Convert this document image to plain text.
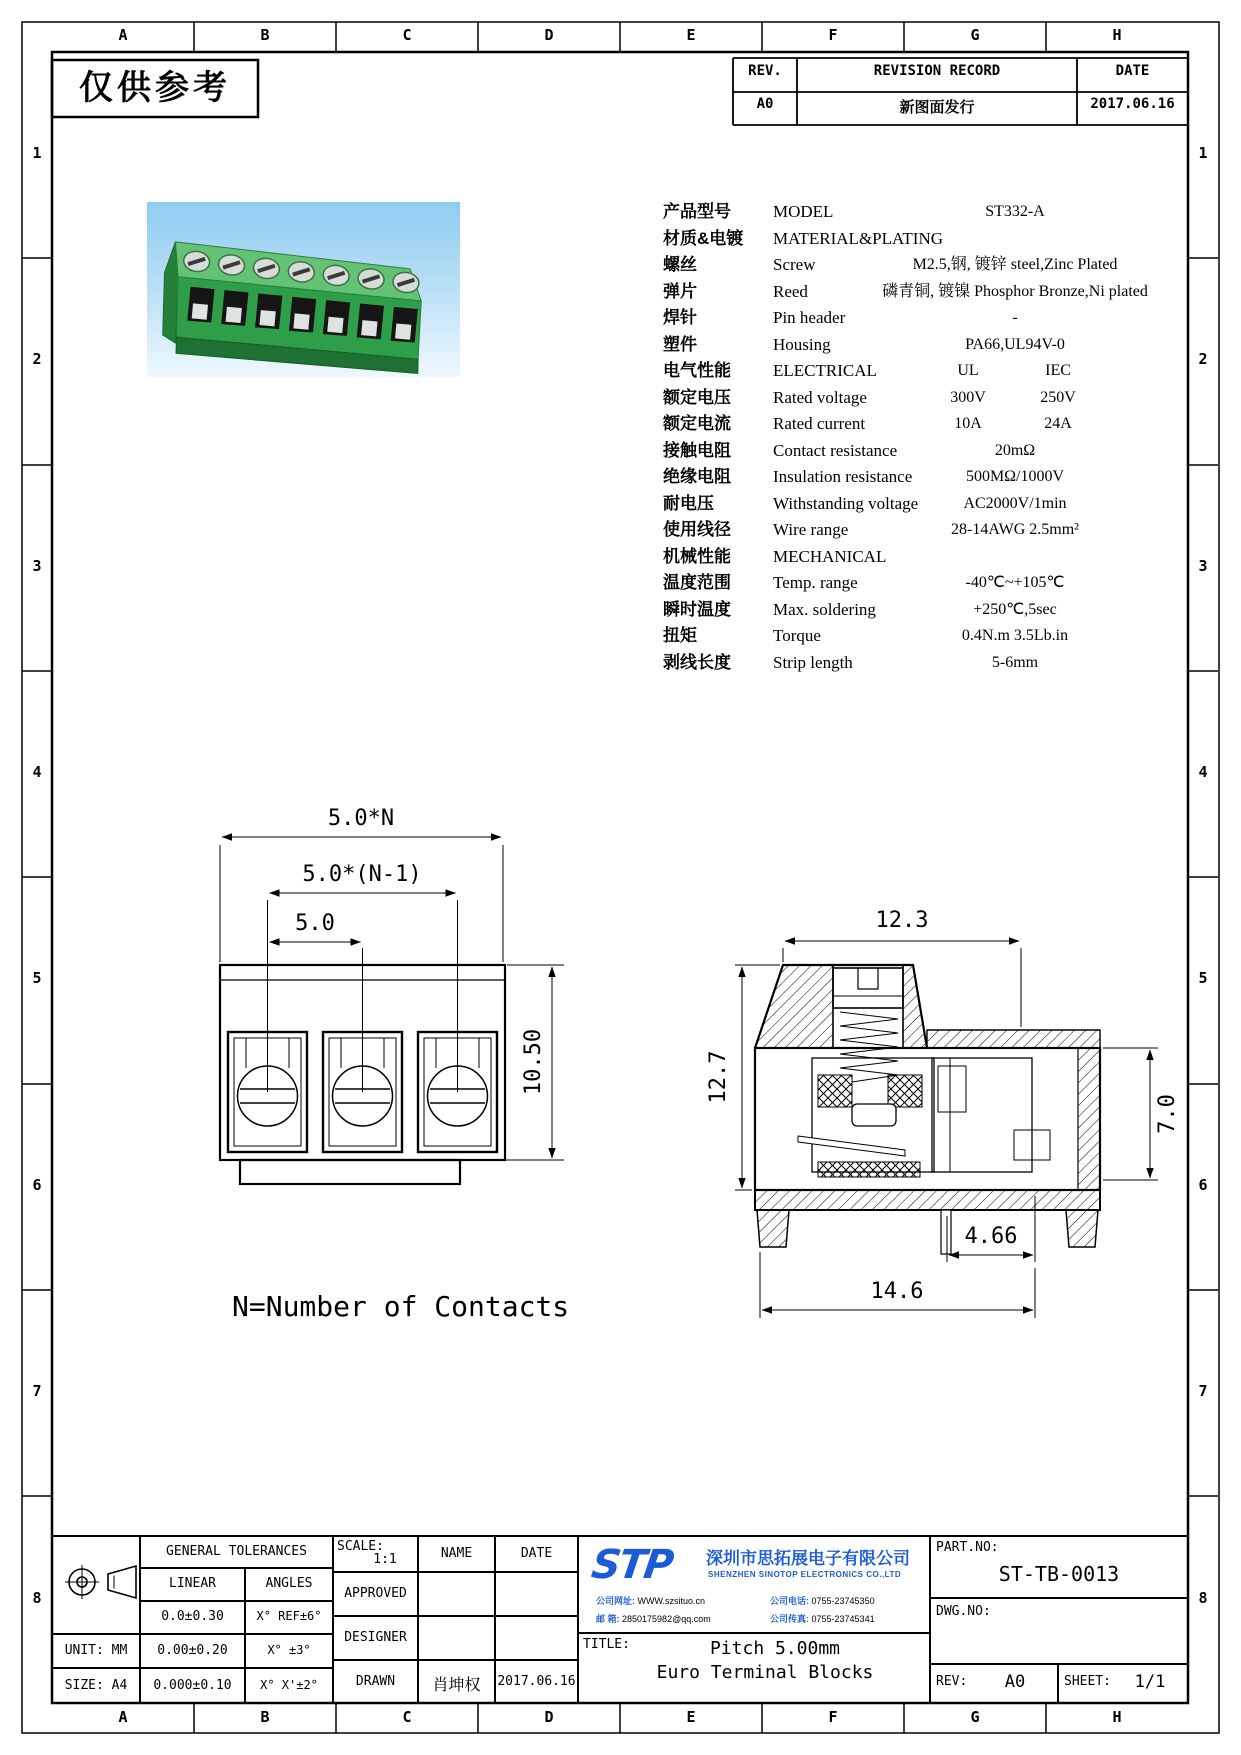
仅供参考	REV.	REVISION RECORD	DATE
A0	新图面发行	2017.06.16
产品型号	MODEL	ST332-A
材质&电镀	MATERIAL&PLATING
螺丝	Screw	M2.5,钢, 镀锌 steel,Zinc Plated
弹片	Reed	磷青铜, 镀镍 Phosphor Bronze,Ni plated
焊针	Pin header	-
塑件	Housing	PA66,UL94V-0
电气性能	ELECTRICAL	UL	IEC
额定电压	Rated voltage	300V	250V
额定电流	Rated current	10A	24A
接触电阻	Contact resistance	20mΩ
绝缘电阻	Insulation resistance	500MΩ/1000V
耐电压	Withstanding voltage	AC2000V/1min
使用线径	Wire range	28-14AWG 2.5mm²
机械性能	MECHANICAL
温度范围	Temp. range	-40℃~+105℃
瞬时温度	Max. soldering	+250℃,5sec
扭矩	Torque	0.4N.m 3.5Lb.in
剥线长度	Strip length	5-6mm
5.0*N
5.0*(N-1)
5.0
10.50
12.3
12.7
7.0
4.66
14.6
N=Number of Contacts
GENERAL TOLERANCES
LINEAR	ANGLES
0.0±0.30	X° REF±6°
0.00±0.20	X° ±3°
0.000±0.10	X° X'±2°
UNIT: MM
SIZE: A4
SCALE:
1:1	NAME	DATE
APPROVED
DESIGNER
DRAWN	肖坤权	2017.06.16
STP 深圳市思拓展电子有限公司
SHENZHEN SINOTOP ELECTRONICS CO.,LTD
公司网址: WWW.szsituo.cn	公司电话: 0755-23745350
邮 箱: 2850175982@qq.com	公司传真: 0755-23745341
TITLE:	Pitch 5.00mm
Euro Terminal Blocks
PART.NO:
ST-TB-0013
DWG.NO:
REV:	A0	SHEET:	1/1
A
A
B
B
C
C
D
D
E
E
F
F
G
G
H
H
1	1
2	2
3	3
4	4
5	5
6	6
7	7
8	8
